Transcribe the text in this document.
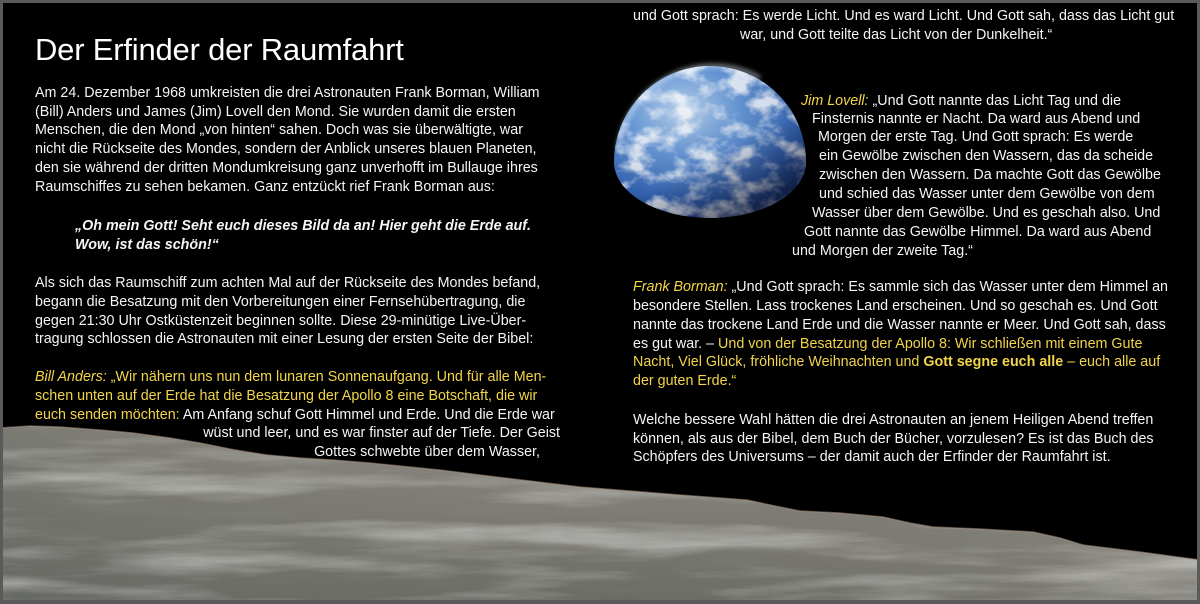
Der Erfinder der Raumfahrt
Am 24. Dezember 1968 umkreisten die drei Astronauten Frank Borman, William
(Bill) Anders und James (Jim) Lovell den Mond. Sie wurden damit die ersten
Menschen, die den Mond „von hinten“ sahen. Doch was sie überwältigte, war
nicht die Rückseite des Mondes, sondern der Anblick unseres blauen Planeten,
den sie während der dritten Mondumkreisung ganz unverhofft im Bullauge ihres
Raumschiffes zu sehen bekamen. Ganz entzückt rief Frank Borman aus:
„Oh mein Gott! Seht euch dieses Bild da an! Hier geht die Erde auf.
Wow, ist das schön!“
Als sich das Raumschiff zum achten Mal auf der Rückseite des Mondes befand,
begann die Besatzung mit den Vorbereitungen einer Fernsehübertragung, die
gegen 21:30 Uhr Ostküstenzeit beginnen sollte. Diese 29-minütige Live-Über-
tragung schlossen die Astronauten mit einer Lesung der ersten Seite der Bibel:
Bill Anders: „Wir nähern uns nun dem lunaren Sonnenaufgang. Und für alle Men-
schen unten auf der Erde hat die Besatzung der Apollo 8 eine Botschaft, die wir
euch senden möchten: Am Anfang schuf Gott Himmel und Erde. Und die Erde war
wüst und leer, und es war finster auf der Tiefe. Der Geist
Gottes schwebte über dem Wasser,
und Gott sprach: Es werde Licht. Und es ward Licht. Und Gott sah, dass das Licht gut
war, und Gott teilte das Licht von der Dunkelheit.“
Jim Lovell: „Und Gott nannte das Licht Tag und die
Finsternis nannte er Nacht. Da ward aus Abend und
Morgen der erste Tag. Und Gott sprach: Es werde
ein Gewölbe zwischen den Wassern, das da scheide
zwischen den Wassern. Da machte Gott das Gewölbe
und schied das Wasser unter dem Gewölbe von dem
Wasser über dem Gewölbe. Und es geschah also. Und
Gott nannte das Gewölbe Himmel. Da ward aus Abend
und Morgen der zweite Tag.“
Frank Borman: „Und Gott sprach: Es sammle sich das Wasser unter dem Himmel an
besondere Stellen. Lass trockenes Land erscheinen. Und so geschah es. Und Gott
nannte das trockene Land Erde und die Wasser nannte er Meer. Und Gott sah, dass
es gut war. – Und von der Besatzung der Apollo 8: Wir schließen mit einem Gute
Nacht, Viel Glück, fröhliche Weihnachten und Gott segne euch alle – euch alle auf
der guten Erde.“
Welche bessere Wahl hätten die drei Astronauten an jenem Heiligen Abend treffen
können, als aus der Bibel, dem Buch der Bücher, vorzulesen? Es ist das Buch des
Schöpfers des Universums – der damit auch der Erfinder der Raumfahrt ist.
